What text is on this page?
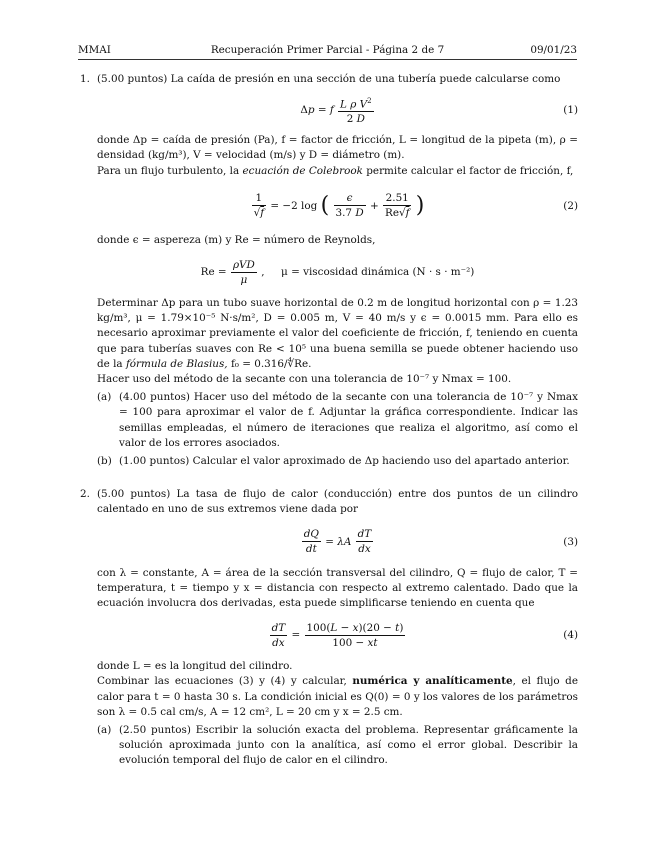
MMAI	Recuperación Primer Parcial - Página 2 de 7	09/01/23
1. (5.00 puntos) La caída de presión en una sección de una tubería puede calcularse como

Δp = f $\frac{L \rho V^2}{2 D}$	(1)

donde Δp = caída de presión (Pa), f = factor de fricción, L = longitud de la pipeta (m), ρ = densidad (kg/m³), V = velocidad (m/s) y D = diámetro (m).

Para un flujo turbulento, la ecuación de Colebrook permite calcular el factor de fricción, f,

$\frac{1}{√f} = -2$ log ( $\frac{\epsilon}{3.7 D} + \frac{2.51}{Re√f}$ )	(2)

donde ϵ = aspereza (m) y Re = número de Reynolds,

$Re = \frac{\text{ρVD}}{\mu}$ ,     μ = viscosidad dinámica (N · s · m⁻²)

Determinar Δp para un tubo suave horizontal de 0.2 m de longitud horizontal con ρ = 1.23 kg/m³, μ = 1.79×10⁻⁵ N·s/m², D = 0.005 m, V = 40 m/s y ϵ = 0.0015 mm. Para ello es necesario aproximar previamente el valor del coeficiente de fricción, f, teniendo en cuenta que para tuberías suaves con Re < 10⁵ una buena semilla se puede obtener haciendo uso de la fórmula de Blasius, f₀ = 0.316/∜Re.

Hacer uso del método de la secante con una tolerancia de 10⁻⁷ y Nmax = 100.

(a) (4.00 puntos) Hacer uso del método de la secante con una tolerancia de 10⁻⁷ y Nmax = 100 para aproximar el valor de f. Adjuntar la gráfica correspondiente. Indicar las semillas empleadas, el número de iteraciones que realiza el algoritmo, así como el valor de los errores asociados.

(b) (1.00 puntos) Calcular el valor aproximado de Δp haciendo uso del apartado anterior.

2. (5.00 puntos) La tasa de flujo de calor (conducción) entre dos puntos de un cilindro calentado en uno de sus extremos viene dada por

$\frac{dQ}{dt} = \lambda A \frac{dT}{dx}$	(3)

con λ = constante, A = área de la sección transversal del cilindro, Q = flujo de calor, T = temperatura, t = tiempo y x = distancia con respecto al extremo calentado. Dado que la ecuación involucra dos derivadas, esta puede simplificarse teniendo en cuenta que

$\frac{dT}{dx} = \frac{100(L - x)(20 - t)}{100 - xt}$	(4)

donde L = es la longitud del cilindro.

Combinar las ecuaciones (3) y (4) y calcular, numérica y analíticamente, el flujo de calor para t = 0 hasta 30 s. La condición inicial es Q(0) = 0 y los valores de los parámetros son λ = 0.5 cal cm/s, A = 12 cm², L = 20 cm y x = 2.5 cm.

(a) (2.50 puntos) Escribir la solución exacta del problema. Representar gráficamente la solución aproximada junto con la analítica, así como el error global. Describir la evolución temporal del flujo de calor en el cilindro.
